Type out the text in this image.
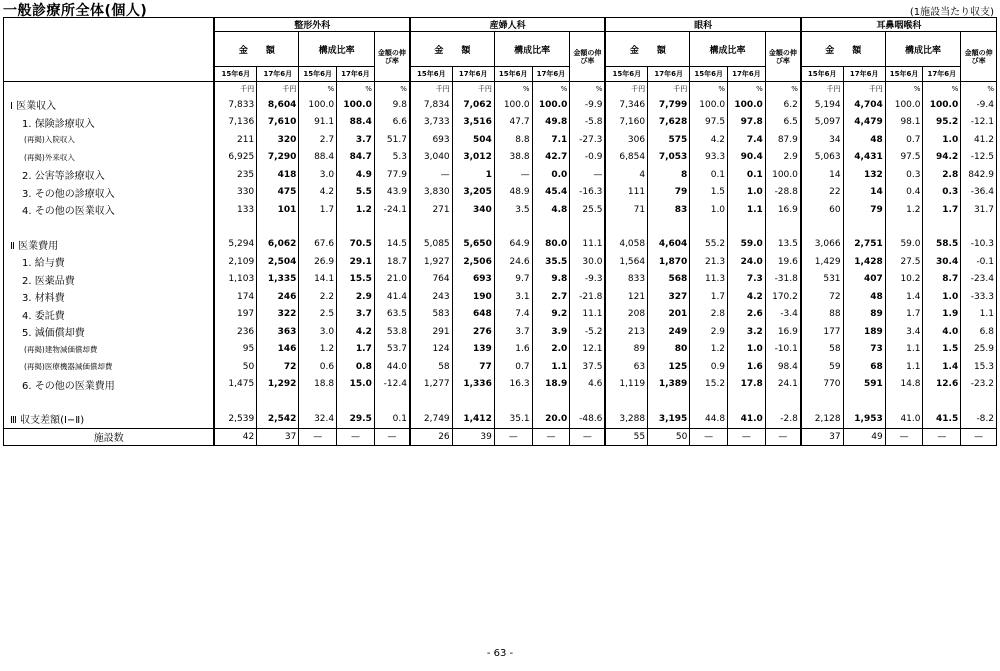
一般診療所全体(個人)	(1施設当たり収支)
	整形外科					産婦人科					眼科					耳鼻咽喉科				
	金　　額		構成比率		金額の伸び率	金　　額		構成比率		金額の伸び率	金　　額		構成比率		金額の伸び率	金　　額		構成比率		金額の伸び率
	15年6月	17年6月	15年6月	17年6月		15年6月	17年6月	15年6月	17年6月		15年6月	17年6月	15年6月	17年6月		15年6月	17年6月	15年6月	17年6月	
	千円	千円	%	%	%	千円	千円	%	%	%	千円	千円	%	%	%	千円	千円	%	%	%
Ⅰ 医業収入	7,833	8,604	100.0	100.0	9.8	7,834	7,062	100.0	100.0	-9.9	7,346	7,799	100.0	100.0	6.2	5,194	4,704	100.0	100.0	-9.4
1. 保険診療収入	7,136	7,610	91.1	88.4	6.6	3,733	3,516	47.7	49.8	-5.8	7,160	7,628	97.5	97.8	6.5	5,097	4,479	98.1	95.2	-12.1
(再掲)入院収入	211	320	2.7	3.7	51.7	693	504	8.8	7.1	-27.3	306	575	4.2	7.4	87.9	34	48	0.7	1.0	41.2
(再掲)外来収入	6,925	7,290	88.4	84.7	5.3	3,040	3,012	38.8	42.7	-0.9	6,854	7,053	93.3	90.4	2.9	5,063	4,431	97.5	94.2	-12.5
2. 公害等診療収入	235	418	3.0	4.9	77.9	—	1	—	0.0	—	4	8	0.1	0.1	100.0	14	132	0.3	2.8	842.9
3. その他の診療収入	330	475	4.2	5.5	43.9	3,830	3,205	48.9	45.4	-16.3	111	79	1.5	1.0	-28.8	22	14	0.4	0.3	-36.4
4. その他の医業収入	133	101	1.7	1.2	-24.1	271	340	3.5	4.8	25.5	71	83	1.0	1.1	16.9	60	79	1.2	1.7	31.7

Ⅱ 医業費用	5,294	6,062	67.6	70.5	14.5	5,085	5,650	64.9	80.0	11.1	4,058	4,604	55.2	59.0	13.5	3,066	2,751	59.0	58.5	-10.3
1. 給与費	2,109	2,504	26.9	29.1	18.7	1,927	2,506	24.6	35.5	30.0	1,564	1,870	21.3	24.0	19.6	1,429	1,428	27.5	30.4	-0.1
2. 医薬品費	1,103	1,335	14.1	15.5	21.0	764	693	9.7	9.8	-9.3	833	568	11.3	7.3	-31.8	531	407	10.2	8.7	-23.4
3. 材料費	174	246	2.2	2.9	41.4	243	190	3.1	2.7	-21.8	121	327	1.7	4.2	170.2	72	48	1.4	1.0	-33.3
4. 委託費	197	322	2.5	3.7	63.5	583	648	7.4	9.2	11.1	208	201	2.8	2.6	-3.4	88	89	1.7	1.9	1.1
5. 減価償却費	236	363	3.0	4.2	53.8	291	276	3.7	3.9	-5.2	213	249	2.9	3.2	16.9	177	189	3.4	4.0	6.8
(再掲)建物減価償却費	95	146	1.2	1.7	53.7	124	139	1.6	2.0	12.1	89	80	1.2	1.0	-10.1	58	73	1.1	1.5	25.9
(再掲)医療機器減価償却費	50	72	0.6	0.8	44.0	58	77	0.7	1.1	37.5	63	125	0.9	1.6	98.4	59	68	1.1	1.4	15.3
6. その他の医業費用	1,475	1,292	18.8	15.0	-12.4	1,277	1,336	16.3	18.9	4.6	1,119	1,389	15.2	17.8	24.1	770	591	14.8	12.6	-23.2

Ⅲ 収支差額(Ⅰ−Ⅱ)	2,539	2,542	32.4	29.5	0.1	2,749	1,412	35.1	20.0	-48.6	3,288	3,195	44.8	41.0	-2.8	2,128	1,953	41.0	41.5	-8.2
施設数	42	37	—	—	—	26	39	—	—	—	55	50	—	—	—	37	49	—	—	—
- 63 -
